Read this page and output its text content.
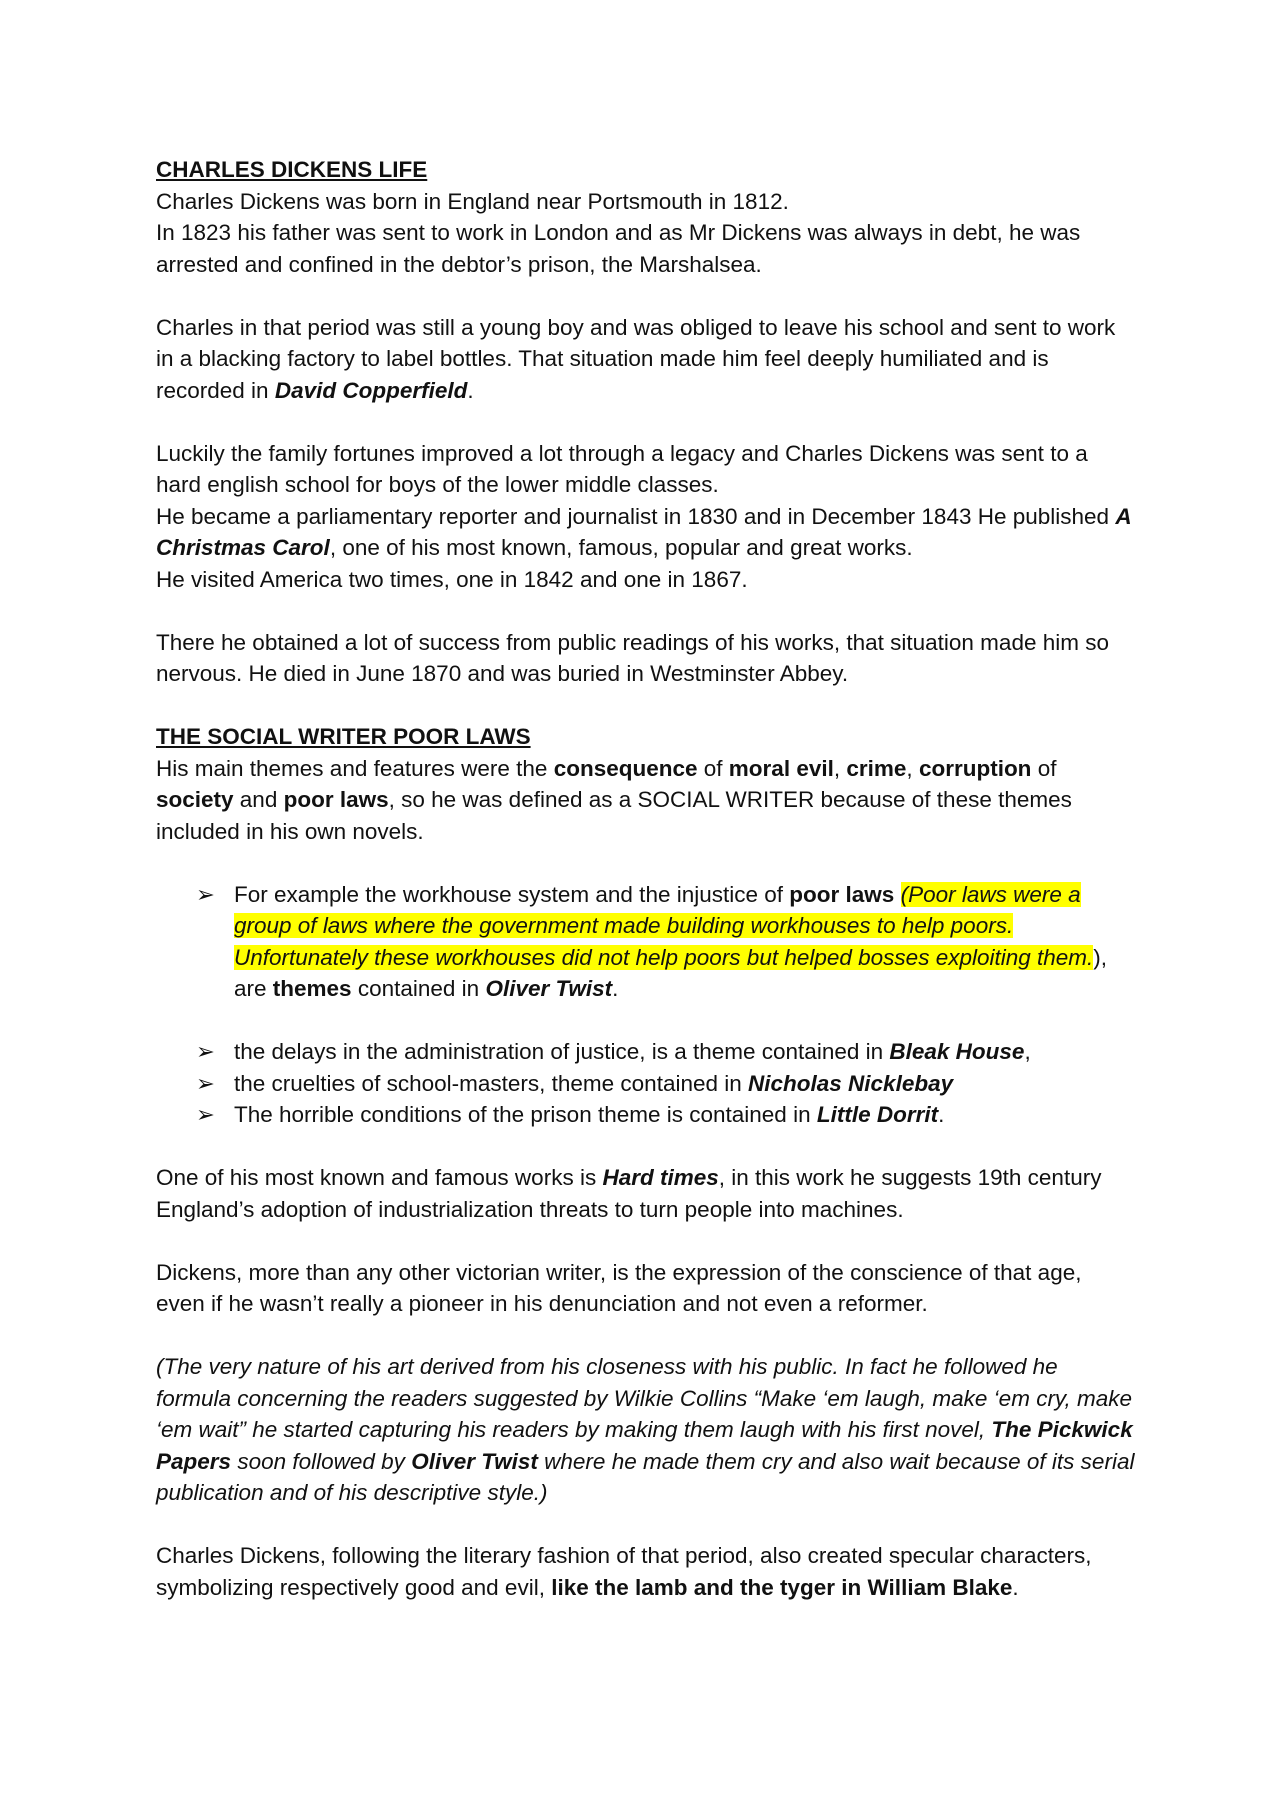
CHARLES DICKENS LIFE

Charles Dickens was born in England near Portsmouth in 1812.

In 1823 his father was sent to work in London and as Mr Dickens was always in debt, he was arrested and confined in the debtor’s prison, the Marshalsea.

Charles in that period was still a young boy and was obliged to leave his school and sent to work in a blacking factory to label bottles. That situation made him feel deeply humiliated and is recorded in David Copperfield.

Luckily the family fortunes improved a lot through a legacy and Charles Dickens was sent to a hard english school for boys of the lower middle classes.

He became a parliamentary reporter and journalist in 1830 and in December 1843 He published A Christmas Carol, one of his most known, famous, popular and great works.

He visited America two times, one in 1842 and one in 1867.

There he obtained a lot of success from public readings of his works, that situation made him so nervous. He died in June 1870 and was buried in Westminster Abbey.

THE SOCIAL WRITER POOR LAWS

His main themes and features were the consequence of moral evil, crime, corruption of society and poor laws, so he was defined as a SOCIAL WRITER because of these themes included in his own novels.

➢ For example the workhouse system and the injustice of poor laws (Poor laws were a group of laws where the government made building workhouses to help poors. Unfortunately these workhouses did not help poors but helped bosses exploiting them.), are themes contained in Oliver Twist.
➢ the delays in the administration of justice, is a theme contained in Bleak House,
➢ the cruelties of school-masters, theme contained in Nicholas Nicklebay
➢ The horrible conditions of the prison theme is contained in Little Dorrit.

One of his most known and famous works is Hard times, in this work he suggests 19th century England’s adoption of industrialization threats to turn people into machines.

Dickens, more than any other victorian writer, is the expression of the conscience of that age, even if he wasn’t really a pioneer in his denunciation and not even a reformer.

(The very nature of his art derived from his closeness with his public. In fact he followed he formula concerning the readers suggested by Wilkie Collins “Make ‘em laugh, make ‘em cry, make ‘em wait” he started capturing his readers by making them laugh with his first novel, The Pickwick Papers soon followed by Oliver Twist where he made them cry and also wait because of its serial publication and of his descriptive style.)

Charles Dickens, following the literary fashion of that period, also created specular characters, symbolizing respectively good and evil, like the lamb and the tyger in William Blake.
